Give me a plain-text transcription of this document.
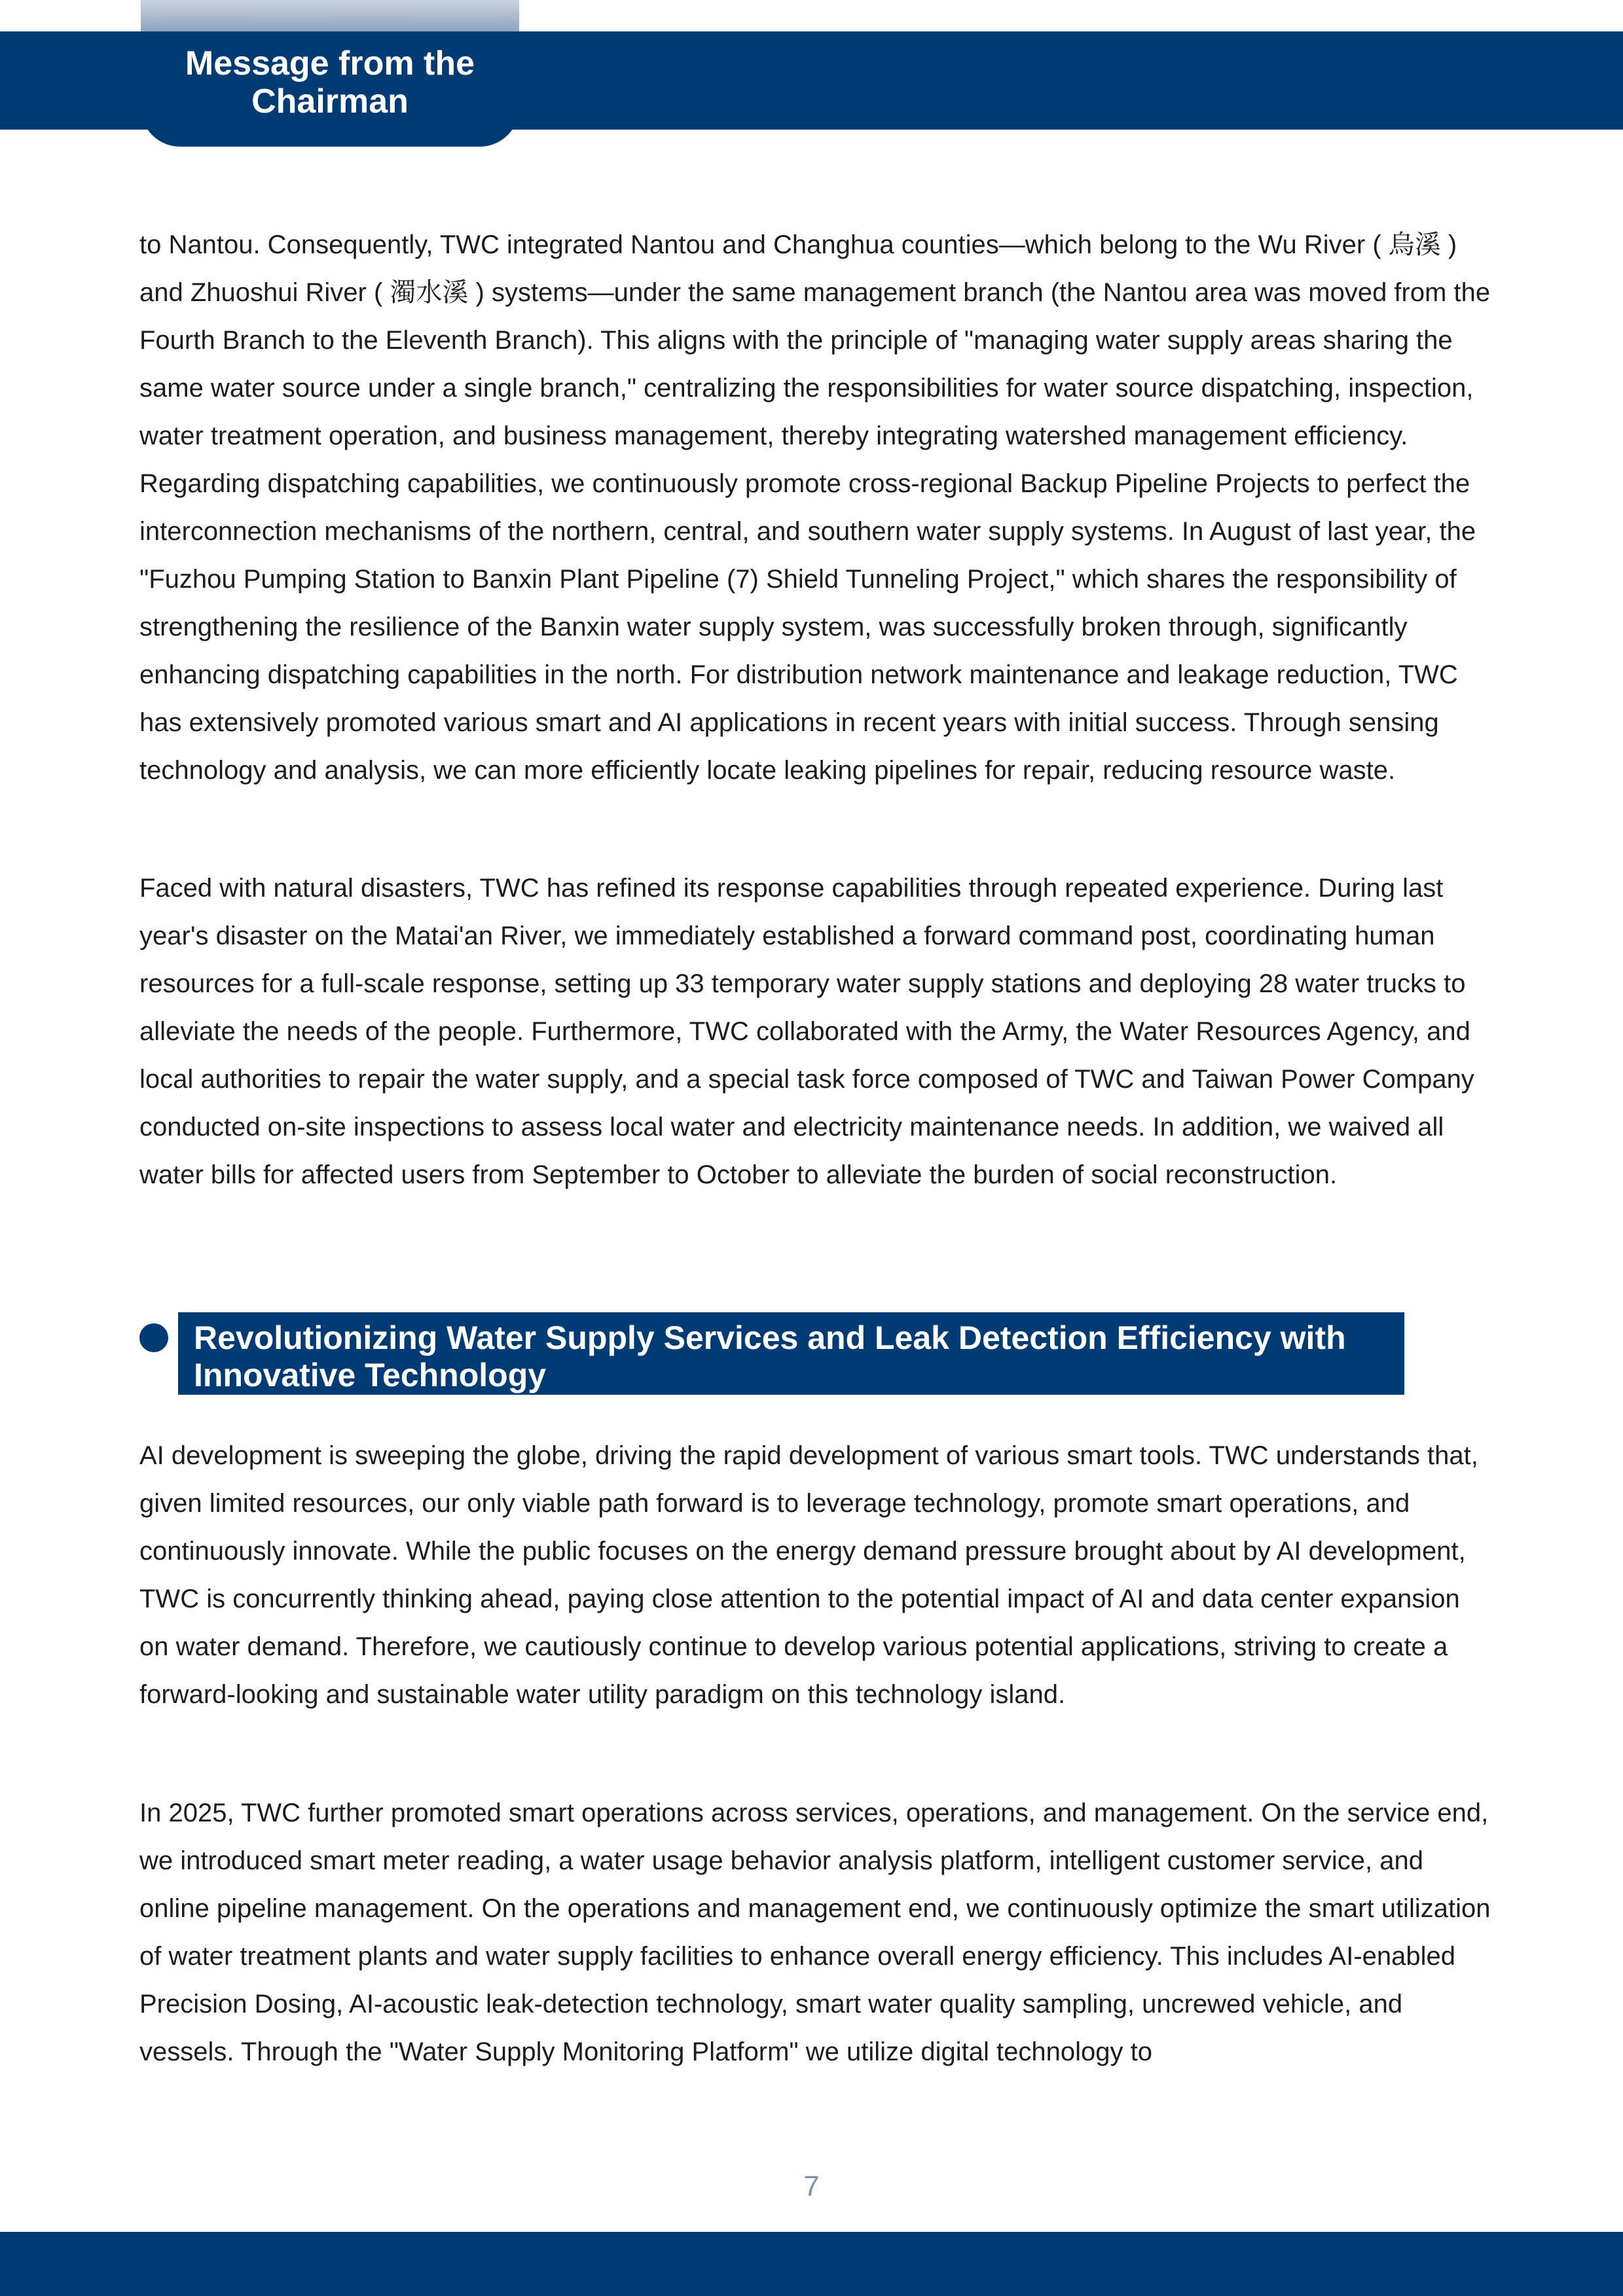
Message from the Chairman

to Nantou. Consequently, TWC integrated Nantou and Changhua counties—which belong to the Wu River ( 烏溪 ) and Zhuoshui River ( 濁水溪 ) systems—under the same management branch (the Nantou area was moved from the Fourth Branch to the Eleventh Branch). This aligns with the principle of "managing water supply areas sharing the same water source under a single branch," centralizing the responsibilities for water source dispatching, inspection, water treatment operation, and business management, thereby integrating watershed management efficiency. Regarding dispatching capabilities, we continuously promote cross-regional Backup Pipeline Projects to perfect the interconnection mechanisms of the northern, central, and southern water supply systems. In August of last year, the "Fuzhou Pumping Station to Banxin Plant Pipeline (7) Shield Tunneling Project," which shares the responsibility of strengthening the resilience of the Banxin water supply system, was successfully broken through, significantly enhancing dispatching capabilities in the north. For distribution network maintenance and leakage reduction, TWC has extensively promoted various smart and AI applications in recent years with initial success. Through sensing technology and analysis, we can more efficiently locate leaking pipelines for repair, reducing resource waste.

Faced with natural disasters, TWC has refined its response capabilities through repeated experience. During last year's disaster on the Matai'an River, we immediately established a forward command post, coordinating human resources for a full-scale response, setting up 33 temporary water supply stations and deploying 28 water trucks to alleviate the needs of the people. Furthermore, TWC collaborated with the Army, the Water Resources Agency, and local authorities to repair the water supply, and a special task force composed of TWC and Taiwan Power Company conducted on-site inspections to assess local water and electricity maintenance needs. In addition, we waived all water bills for affected users from September to October to alleviate the burden of social reconstruction.

Revolutionizing Water Supply Services and Leak Detection Efficiency with Innovative Technology

AI development is sweeping the globe, driving the rapid development of various smart tools. TWC understands that, given limited resources, our only viable path forward is to leverage technology, promote smart operations, and continuously innovate. While the public focuses on the energy demand pressure brought about by AI development, TWC is concurrently thinking ahead, paying close attention to the potential impact of AI and data center expansion on water demand. Therefore, we cautiously continue to develop various potential applications, striving to create a forward-looking and sustainable water utility paradigm on this technology island.

In 2025, TWC further promoted smart operations across services, operations, and management. On the service end, we introduced smart meter reading, a water usage behavior analysis platform, intelligent customer service, and online pipeline management. On the operations and management end, we continuously optimize the smart utilization of water treatment plants and water supply facilities to enhance overall energy efficiency. This includes AI-enabled Precision Dosing, AI-acoustic leak-detection technology, smart water quality sampling, uncrewed vehicle, and vessels. Through the "Water Supply Monitoring Platform" we utilize digital technology to

7
